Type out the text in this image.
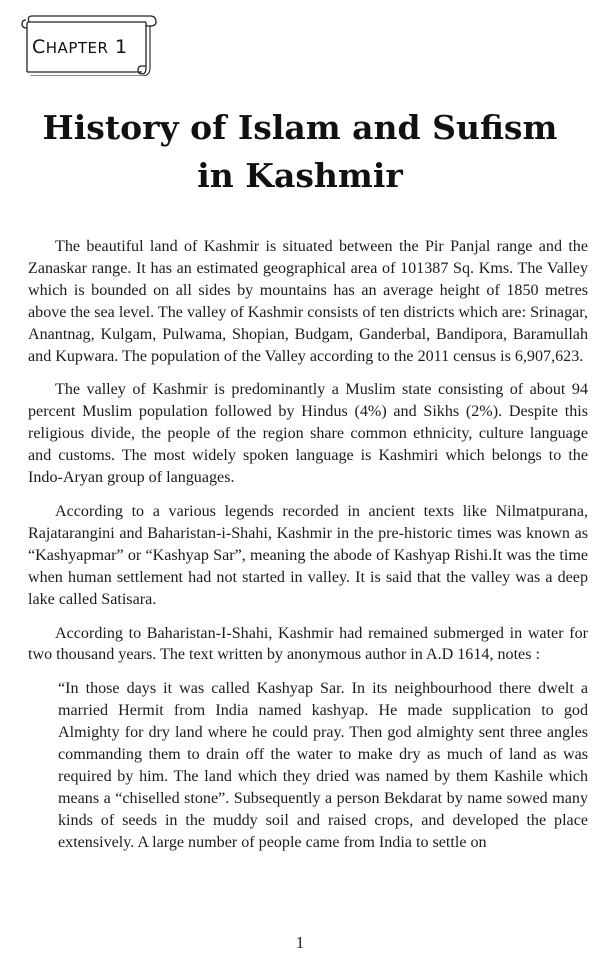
CHAPTER 1
History of Islam and Sufism in Kashmir

The beautiful land of Kashmir is situated between the Pir Panjal range and the Zanaskar range. It has an estimated geographical area of 101387 Sq. Kms. The Valley which is bounded on all sides by mountains has an average height of 1850 metres above the sea level. The valley of Kashmir consists of ten districts which are: Srinagar, Anantnag, Kulgam, Pulwama, Shopian, Budgam, Ganderbal, Bandipora, Baramullah and Kupwara. The population of the Valley according to the 2011 census is 6,907,623.

The valley of Kashmir is predominantly a Muslim state consisting of about 94 percent Muslim population followed by Hindus (4%) and Sikhs (2%). Despite this religious divide, the people of the region share common ethnicity, culture language and customs. The most widely spoken language is Kashmiri which belongs to the Indo-Aryan group of languages.

According to a various legends recorded in ancient texts like Nilmatpurana, Rajatarangini and Baharistan-i-Shahi, Kashmir in the pre-historic times was known as “Kashyapmar” or “Kashyap Sar”, meaning the abode of Kashyap Rishi.It was the time when human settlement had not started in valley. It is said that the valley was a deep lake called Satisara.

According to Baharistan-I-Shahi, Kashmir had remained submerged in water for two thousand years. The text written by anonymous author in A.D 1614, notes :

“In those days it was called Kashyap Sar. In its neighbourhood there dwelt a married Hermit from India named kashyap. He made supplication to god Almighty for dry land where he could pray. Then god almighty sent three angles commanding them to drain off the water to make dry as much of land as was required by him. The land which they dried was named by them Kashile which means a “chiselled stone”. Subsequently a person Bekdarat by name sowed many kinds of seeds in the muddy soil and raised crops, and developed the place extensively. A large number of people came from India to settle on

1
